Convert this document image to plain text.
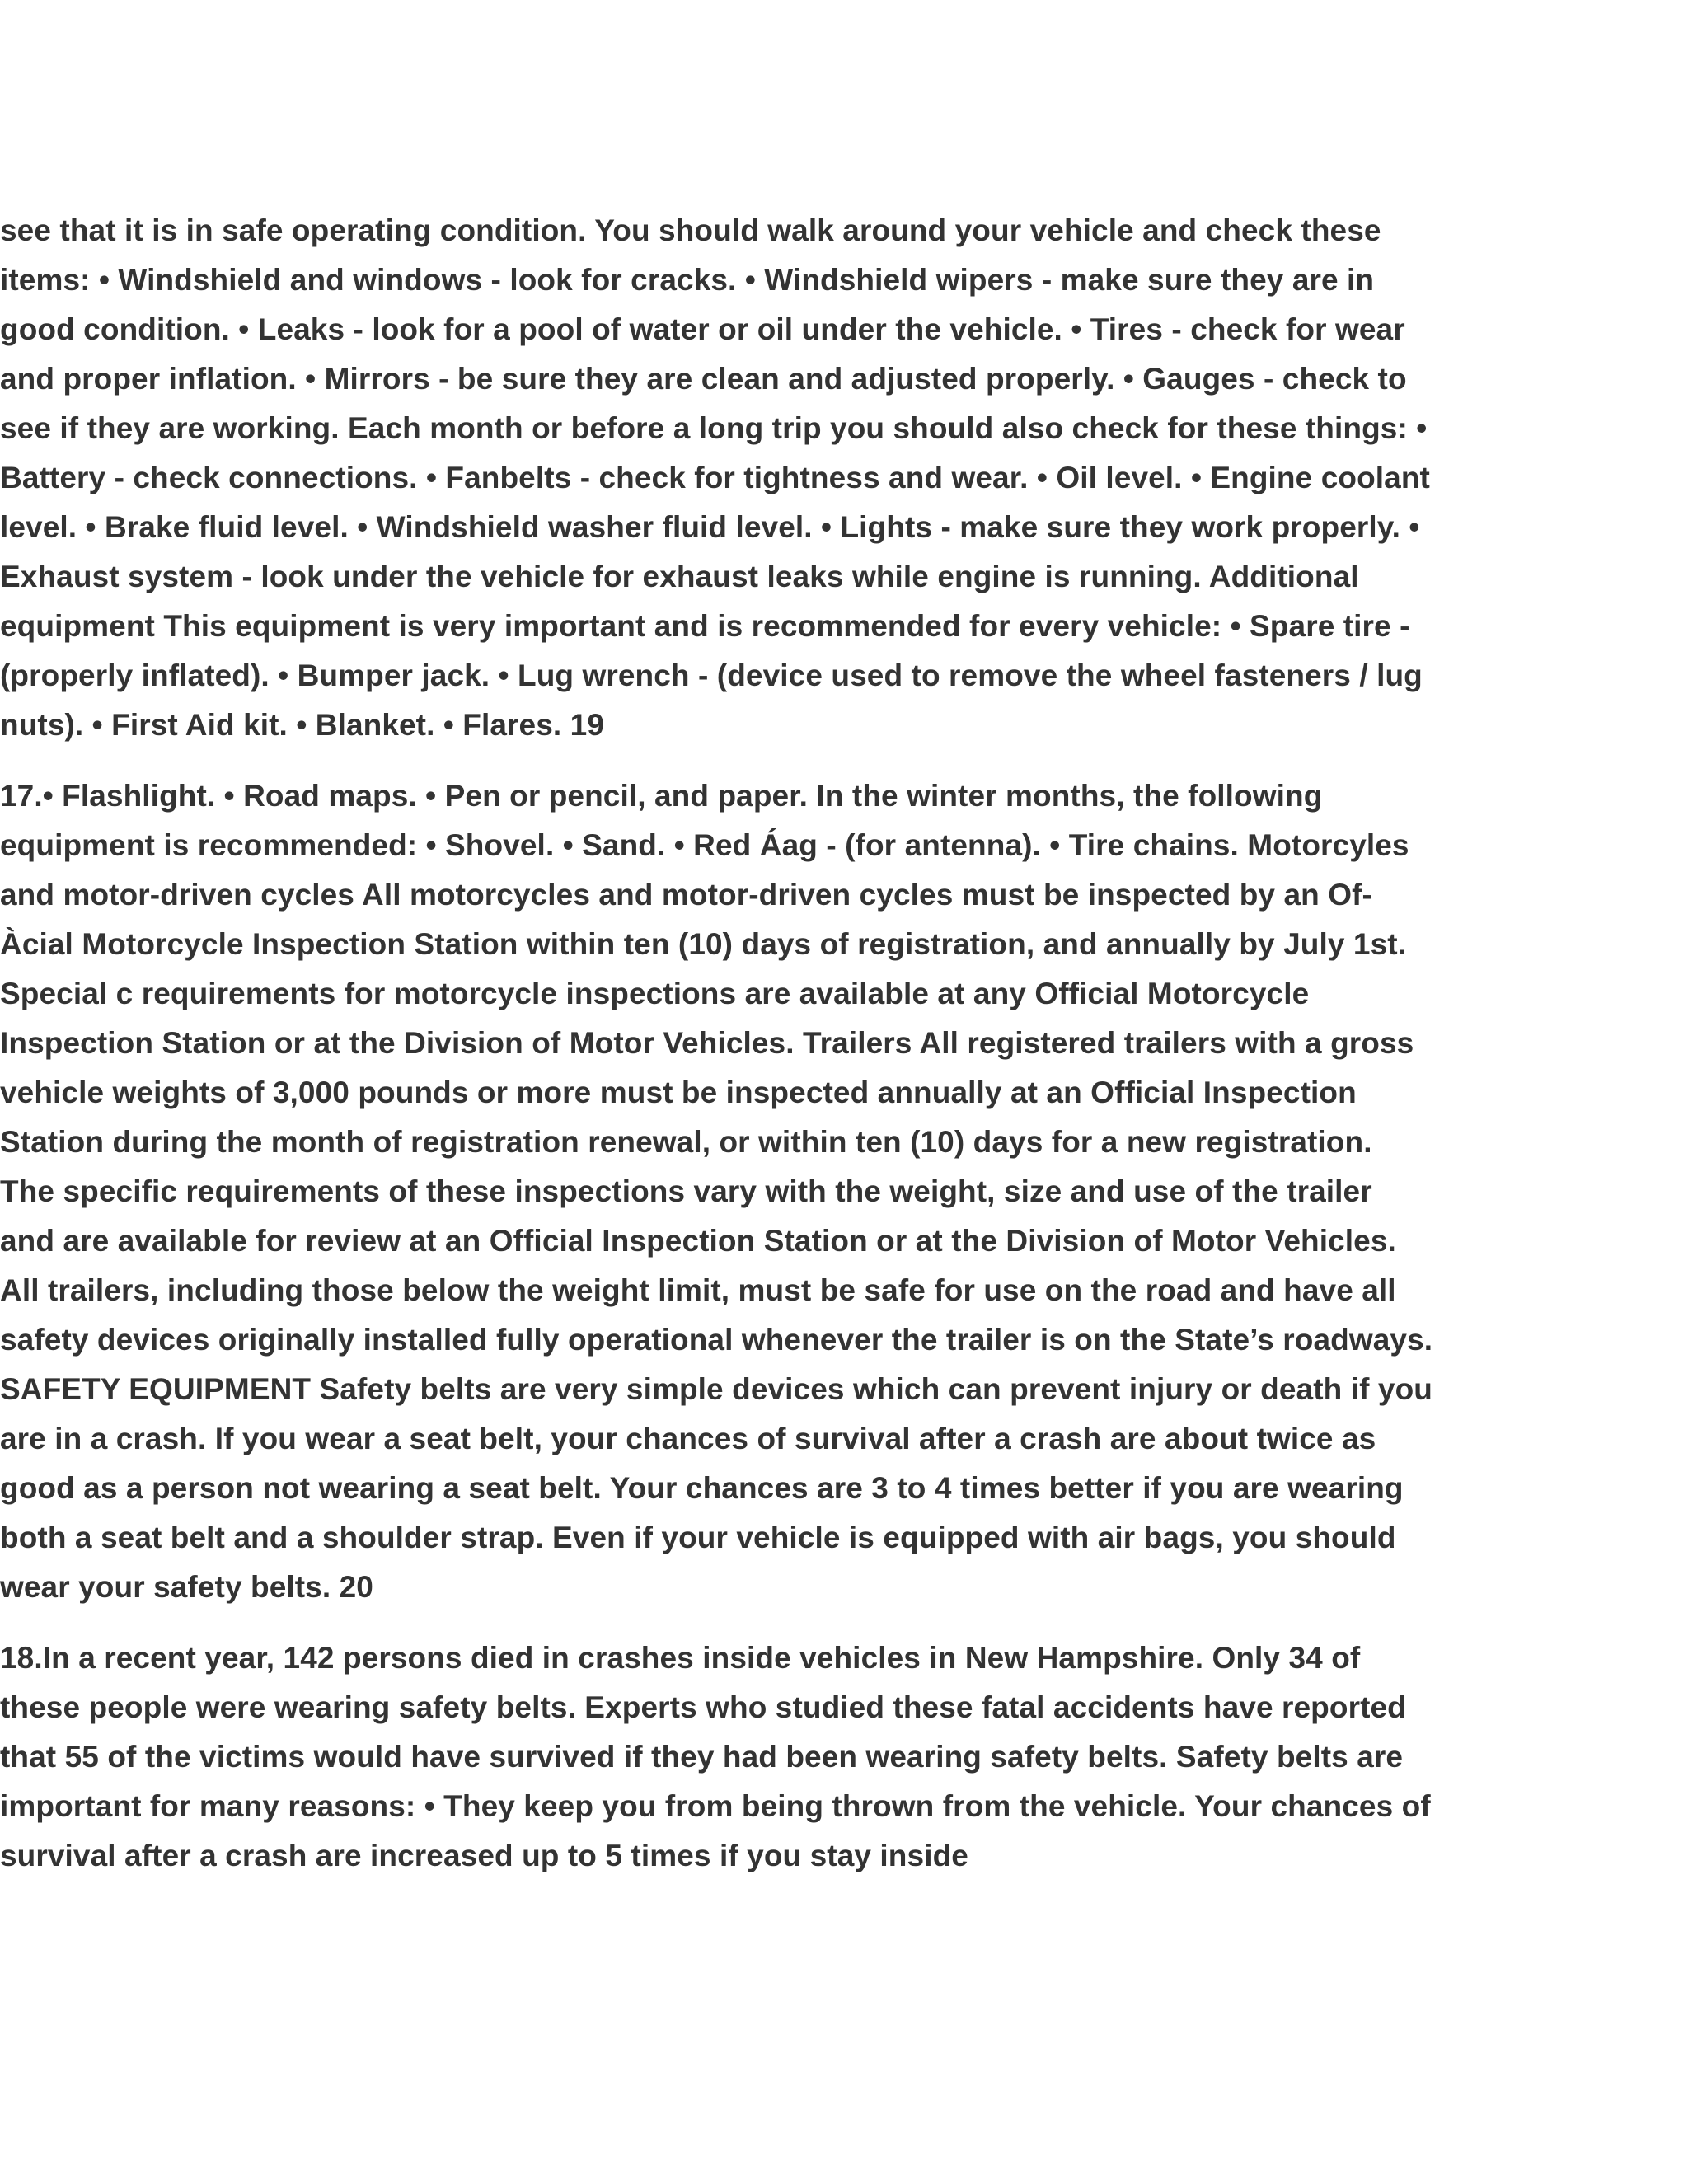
see that it is in safe operating condition. You should walk around your vehicle and check these items: • Windshield and windows - look for cracks. • Windshield wipers - make sure they are in good condition. • Leaks - look for a pool of water or oil under the vehicle. • Tires - check for wear and proper inflation. • Mirrors - be sure they are clean and adjusted properly. • Gauges - check to see if they are working. Each month or before a long trip you should also check for these things: • Battery - check connections. • Fanbelts - check for tightness and wear. • Oil level. • Engine coolant level. • Brake fluid level. • Windshield washer fluid level. • Lights - make sure they work properly. • Exhaust system - look under the vehicle for exhaust leaks while engine is running. Additional equipment This equipment is very important and is recommended for every vehicle: • Spare tire - (properly inflated). • Bumper jack. • Lug wrench - (device used to remove the wheel fasteners / lug nuts). • First Aid kit. • Blanket. • Flares. 19

17.• Flashlight. • Road maps. • Pen or pencil, and paper. In the winter months, the following equipment is recommended: • Shovel. • Sand. • Red Áag - (for antenna). • Tire chains. Motorcyles and motor-driven cycles All motorcycles and motor-driven cycles must be inspected by an Of- Àcial Motorcycle Inspection Station within ten (10) days of registration, and annually by July 1st. Special c requirements for motorcycle inspections are available at any Official Motorcycle Inspection Station or at the Division of Motor Vehicles. Trailers All registered trailers with a gross vehicle weights of 3,000 pounds or more must be inspected annually at an Official Inspection Station during the month of registration renewal, or within ten (10) days for a new registration. The specific requirements of these inspections vary with the weight, size and use of the trailer and are available for review at an Official Inspection Station or at the Division of Motor Vehicles. All trailers, including those below the weight limit, must be safe for use on the road and have all safety devices originally installed fully operational whenever the trailer is on the State’s roadways. SAFETY EQUIPMENT Safety belts are very simple devices which can prevent injury or death if you are in a crash. If you wear a seat belt, your chances of survival after a crash are about twice as good as a person not wearing a seat belt. Your chances are 3 to 4 times better if you are wearing both a seat belt and a shoulder strap. Even if your vehicle is equipped with air bags, you should wear your safety belts. 20

18.In a recent year, 142 persons died in crashes inside vehicles in New Hampshire. Only 34 of these people were wearing safety belts. Experts who studied these fatal accidents have reported that 55 of the victims would have survived if they had been wearing safety belts. Safety belts are important for many reasons: • They keep you from being thrown from the vehicle. Your chances of survival after a crash are increased up to 5 times if you stay inside
